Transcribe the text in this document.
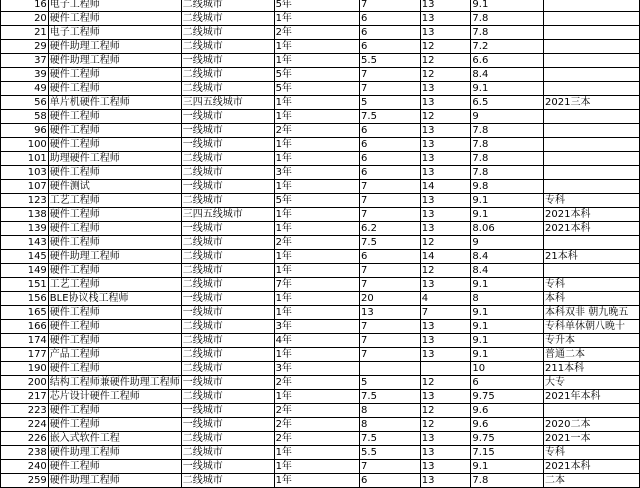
16	电子工程师	二线城市	5年	7	13	9.1	
20	硬件工程师	二线城市	1年	6	13	7.8	
21	电子工程师	二线城市	2年	6	13	7.8	
29	硬件助理工程师	二线城市	1年	6	12	7.2	
37	硬件助理工程师	一线城市	1年	5.5	12	6.6	
39	硬件工程师	二线城市	5年	7	12	8.4	
49	硬件工程师	二线城市	5年	7	13	9.1	
56	单片机硬件工程师	三四五线城市	1年	5	13	6.5	2021三本
58	硬件工程师	一线城市	1年	7.5	12	9	
96	硬件工程师	一线城市	2年	6	13	7.8	
100	硬件工程师	一线城市	1年	6	13	7.8	
101	助理硬件工程师	二线城市	1年	6	13	7.8	
103	硬件工程师	二线城市	3年	6	13	7.8	
107	硬件测试	一线城市	1年	7	14	9.8	
123	工艺工程师	二线城市	5年	7	13	9.1	专科
138	硬件工程师	三四五线城市	1年	7	13	9.1	2021本科
139	硬件工程师	一线城市	1年	6.2	13	8.06	2021本科
143	硬件工程师	二线城市	2年	7.5	12	9	
145	硬件助理工程师	二线城市	1年	6	14	8.4	21本科
149	硬件工程师	二线城市	1年	7	12	8.4	
151	工艺工程师	二线城市	7年	7	13	9.1	专科
156	BLE协议栈工程师	一线城市	1年	20	4	8	本科
165	硬件工程师	一线城市	1年	13	7	9.1	本科双非 朝九晚五
166	硬件工程师	二线城市	3年	7	13	9.1	专科单休朝八晚十
174	硬件工程师	二线城市	4年	7	13	9.1	专升本
177	产品工程师	二线城市	1年	7	13	9.1	普通二本
190	硬件工程师	二线城市	3年			10	211本科
200	结构工程师兼硬件助理工程师	一线城市	2年	5	12	6	大专
217	芯片设计硬件工程师	二线城市	1年	7.5	13	9.75	2021年本科
223	硬件工程师	一线城市	2年	8	12	9.6	
224	硬件工程师	一线城市	2年	8	12	9.6	2020二本
226	嵌入式软件工程	二线城市	2年	7.5	13	9.75	2021一本
238	硬件助理工程师	二线城市	1年	5.5	13	7.15	专科
240	硬件工程师	一线城市	1年	7	13	9.1	2021本科
259	硬件助理工程师	二线城市	1年	6	13	7.8	二本
